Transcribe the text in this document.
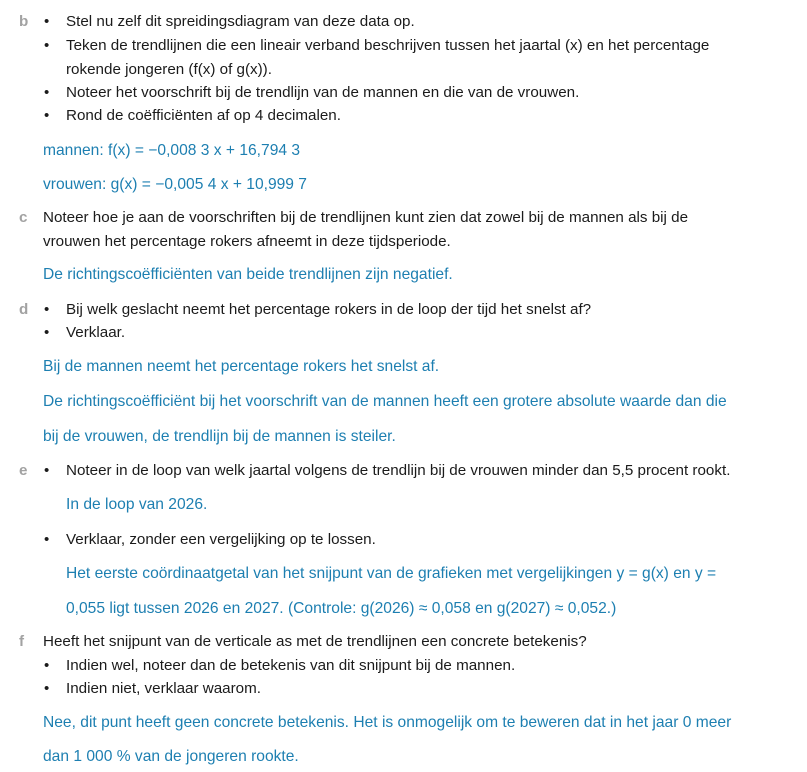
b • Stel nu zelf dit spreidingsdiagram van deze data op.
• Teken de trendlijnen die een lineair verband beschrijven tussen het jaartal (x) en het percentage
rokende jongeren (f(x) of g(x)).
• Noteer het voorschrift bij de trendlijn van de mannen en die van de vrouwen.
• Rond de coëfficiënten af op 4 decimalen.
mannen: f(x) = −0,008 3 x + 16,794 3
vrouwen: g(x) = −0,005 4 x + 10,999 7
c Noteer hoe je aan de voorschriften bij de trendlijnen kunt zien dat zowel bij de mannen als bij de
vrouwen het percentage rokers afneemt in deze tijdsperiode.
De richtingscoëfficiënten van beide trendlijnen zijn negatief.
d • Bij welk geslacht neemt het percentage rokers in de loop der tijd het snelst af?
• Verklaar.
Bij de mannen neemt het percentage rokers het snelst af.
De richtingscoëfficiënt bij het voorschrift van de mannen heeft een grotere absolute waarde dan die
bij de vrouwen, de trendlijn bij de mannen is steiler.
e • Noteer in de loop van welk jaartal volgens de trendlijn bij de vrouwen minder dan 5,5 procent rookt.
In de loop van 2026.
• Verklaar, zonder een vergelijking op te lossen.
Het eerste coördinaatgetal van het snijpunt van de grafieken met vergelijkingen y = g(x) en y =
0,055 ligt tussen 2026 en 2027. (Controle: g(2026) ≈ 0,058 en g(2027) ≈ 0,052.)
f Heeft het snijpunt van de verticale as met de trendlijnen een concrete betekenis?
• Indien wel, noteer dan de betekenis van dit snijpunt bij de mannen.
• Indien niet, verklaar waarom.
Nee, dit punt heeft geen concrete betekenis. Het is onmogelijk om te beweren dat in het jaar 0 meer
dan 1 000 % van de jongeren rookte.
